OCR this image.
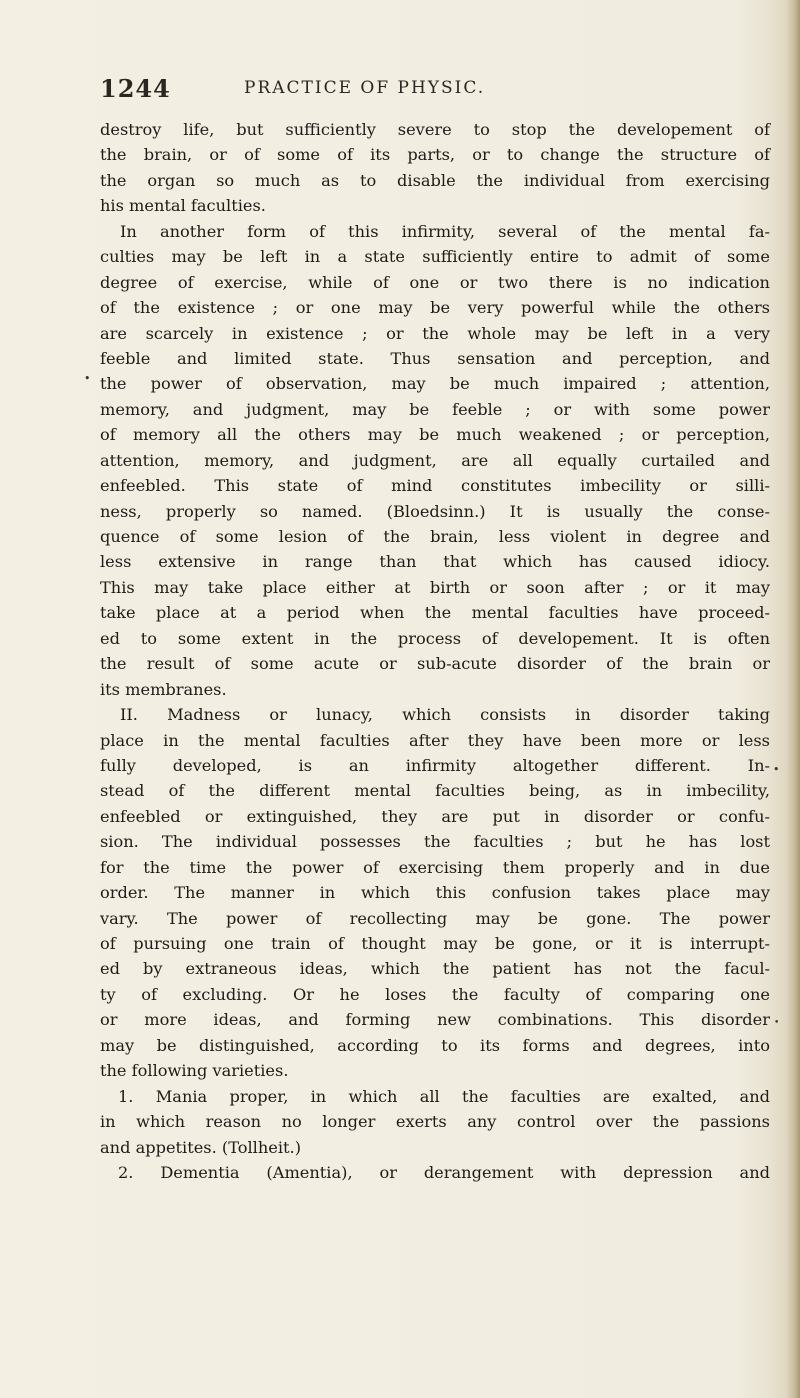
1244	PRACTICE OF PHYSIC.
destroy life, but sufficiently severe to stop the developement of
the brain, or of some of its parts, or to change the structure of
the organ so much as to disable the individual from exercising
his mental faculties.
In another form of this infirmity, several of the mental fa-
culties may be left in a state sufficiently entire to admit of some
degree of exercise, while of one or two there is no indication
of the existence ; or one may be very powerful while the others
are scarcely in existence ; or the whole may be left in a very
feeble and limited state. Thus sensation and perception, and
the power of observation, may be much impaired ; attention,
memory, and judgment, may be feeble ; or with some power
of memory all the others may be much weakened ; or perception,
attention, memory, and judgment, are all equally curtailed and
enfeebled. This state of mind constitutes imbecility or silli-
ness, properly so named. (Bloedsinn.) It is usually the conse-
quence of some lesion of the brain, less violent in degree and
less extensive in range than that which has caused idiocy.
This may take place either at birth or soon after ; or it may
take place at a period when the mental faculties have proceed-
ed to some extent in the process of developement. It is often
the result of some acute or sub-acute disorder of the brain or
its membranes.
II. Madness or lunacy, which consists in disorder taking
place in the mental faculties after they have been more or less
fully developed, is an infirmity altogether different. In-
stead of the different mental faculties being, as in imbecility,
enfeebled or extinguished, they are put in disorder or confu-
sion. The individual possesses the faculties ; but he has lost
for the time the power of exercising them properly and in due
order. The manner in which this confusion takes place may
vary. The power of recollecting may be gone. The power
of pursuing one train of thought may be gone, or it is interrupt-
ed by extraneous ideas, which the patient has not the facul-
ty of excluding. Or he loses the faculty of comparing one
or more ideas, and forming new combinations. This disorder
may be distinguished, according to its forms and degrees, into
the following varieties.
1. Mania proper, in which all the faculties are exalted, and
in which reason no longer exerts any control over the passions
and appetites. (Tollheit.)
2. Dementia (Amentia), or derangement with depression and
•
•
•
